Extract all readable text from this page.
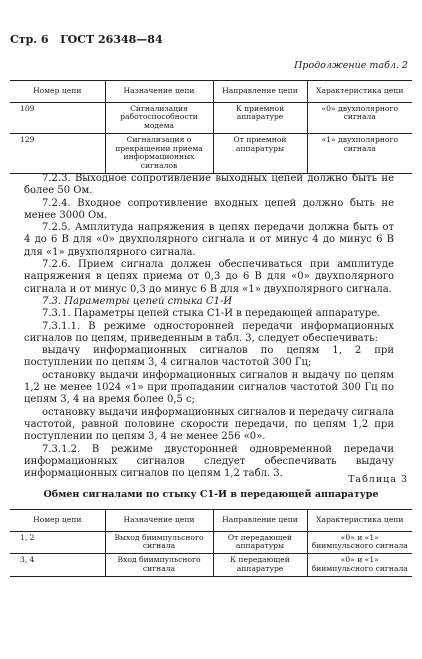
Стр. 6 ГОСТ 26348—84
Продолжение табл. 2
Номер цепи	Назначение цепи	Направление цепи	Характеристика цепи
109	Сигнализация работоспособности модема	К приемной аппаратуре	«0» двухполярного сигнала
129	Сигнализация о прекращении приема информационных сигналов	От приемной аппаратуры	«1» двухполярного сигнала

7.2.3. Выходное сопротивление выходных цепей должно быть не более 50 Ом.

7.2.4. Входное сопротивление входных цепей должно быть не менее 3000 Ом.

7.2.5. Амплитуда напряжения в цепях передачи должна быть от 4 до 6 В для «0» двухполярного сигнала и от минус 4 до минус 6 В для «1» двухполярного сигнала.

7.2.6. Прием сигнала должен обеспечиваться при амплитуде напряжения в цепях приема от 0,3 до 6 В для «0» двухполярного сигнала и от минус 0,3 до минус 6 В для «1» двухполярного сигнала.

7.3. Параметры цепей стыка С1-И

7.3.1. Параметры цепей стыка С1-И в передающей аппаратуре.

7.3.1.1. В режиме односторонней передачи информационных сигналов по цепям, приведенным в табл. 3, следует обеспечивать:

выдачу информационных сигналов по цепям 1, 2 при поступлении по цепям 3, 4 сигналов частотой 300 Гц;

остановку выдачи информационных сигналов и выдачу по цепям 1,2 не менее 1024 «1» при пропадании сигналов частотой 300 Гц по цепям 3, 4 на время более 0,5 с;

остановку выдачи информационных сигналов и передачу сигнала частотой, равной половине скорости передачи, по цепям 1,2 при поступлении по цепям 3, 4 не менее 256 «0».

7.3.1.2. В режиме двусторонней одновременной передачи информационных сигналов следует обеспечивать выдачу информационных сигналов по цепям 1,2 табл. 3.

Таблица 3
Обмен сигналами по стыку С1-И в передающей аппаратуре
Номер цепи	Назначение цепи	Направление цепи	Характеристика цепи
1, 2	Выход биимпульсного сигнала	От передающей аппаратуры	«0» и «1» биимпульсного сигнала
3, 4	Вход биимпульсного сигнала	К передающей аппаратуре	«0» и «1» биимпульсного сигнала
